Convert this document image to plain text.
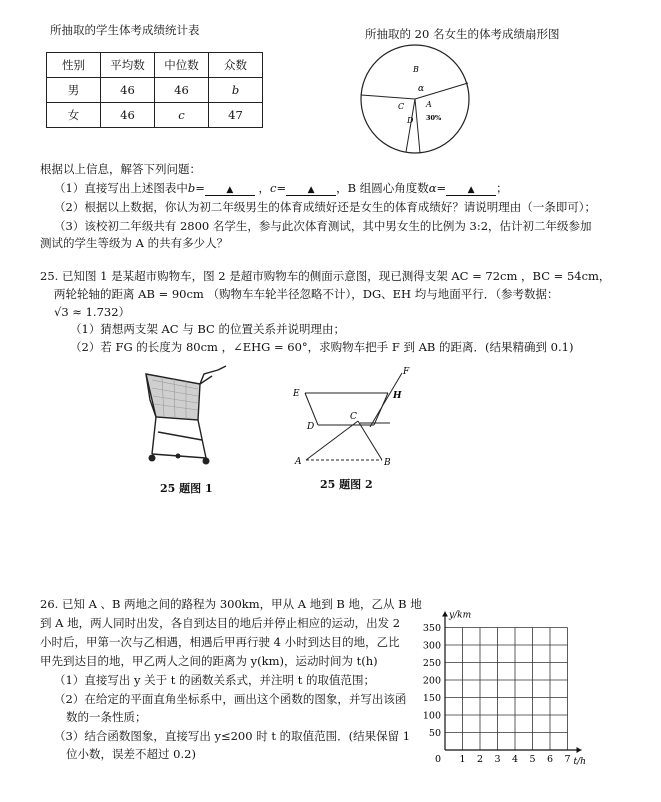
所抽取的学生体考成绩统计表	所抽取的 20 名女生的体考成绩扇形图
性别	平均数	中位数	众数
男	46	46	b
女	46	c	47
B
α
C	A
D 30%
根据以上信息，解答下列问题：
（1）直接写出上述图表中b= ▲ ，c= ▲ ，B 组圆心角度数α= ▲ ；
（2）根据以上数据，你认为初二年级男生的体育成绩好还是女生的体育成绩好？请说明理由（一条即可）；
（3）该校初二年级共有 2800 名学生，参与此次体育测试，其中男女生的比例为 3:2，估计初二年级参加
测试的学生等级为 A 的共有多少人？
25. 已知图 1 是某超市购物车，图 2 是超市购物车的侧面示意图，现已测得支架 AC = 72cm ，BC = 54cm，
两轮轮轴的距离 AB = 90cm （购物车车轮半径忽略不计），DG、EH 均与地面平行．（参考数据：
√3 ≈ 1.732）
（1）猜想两支架 AC 与 BC 的位置关系并说明理由；
（2）若 FG 的长度为 80cm ，∠EHG = 60°，求购物车把手 F 到 AB 的距离．(结果精确到 0.1)
E
F
H
D
C
A	B
25 题图 1	25 题图 2
26. 已知 A 、B 两地之间的路程为 300km，甲从 A 地到 B 地，乙从 B 地
到 A 地，两人同时出发，各自到达目的地后并停止相应的运动，出发 2
小时后，甲第一次与乙相遇，相遇后甲再行驶 4 小时到达目的地，乙比
甲先到达目的地，甲乙两人之间的距离为 y(km)，运动时间为 t(h)
（1）直接写出 y 关于 t 的函数关系式，并注明 t 的取值范围；
（2）在给定的平面直角坐标系中，画出这个函数的图象，并写出该函
数的一条性质；
（3）结合函数图象，直接写出 y≤200 时 t 的取值范围．(结果保留 1
位小数，误差不超过 0.2)
50
100
150
200
250
300
350
1 2 3 4 5 6 7
0
y/km
t/h
